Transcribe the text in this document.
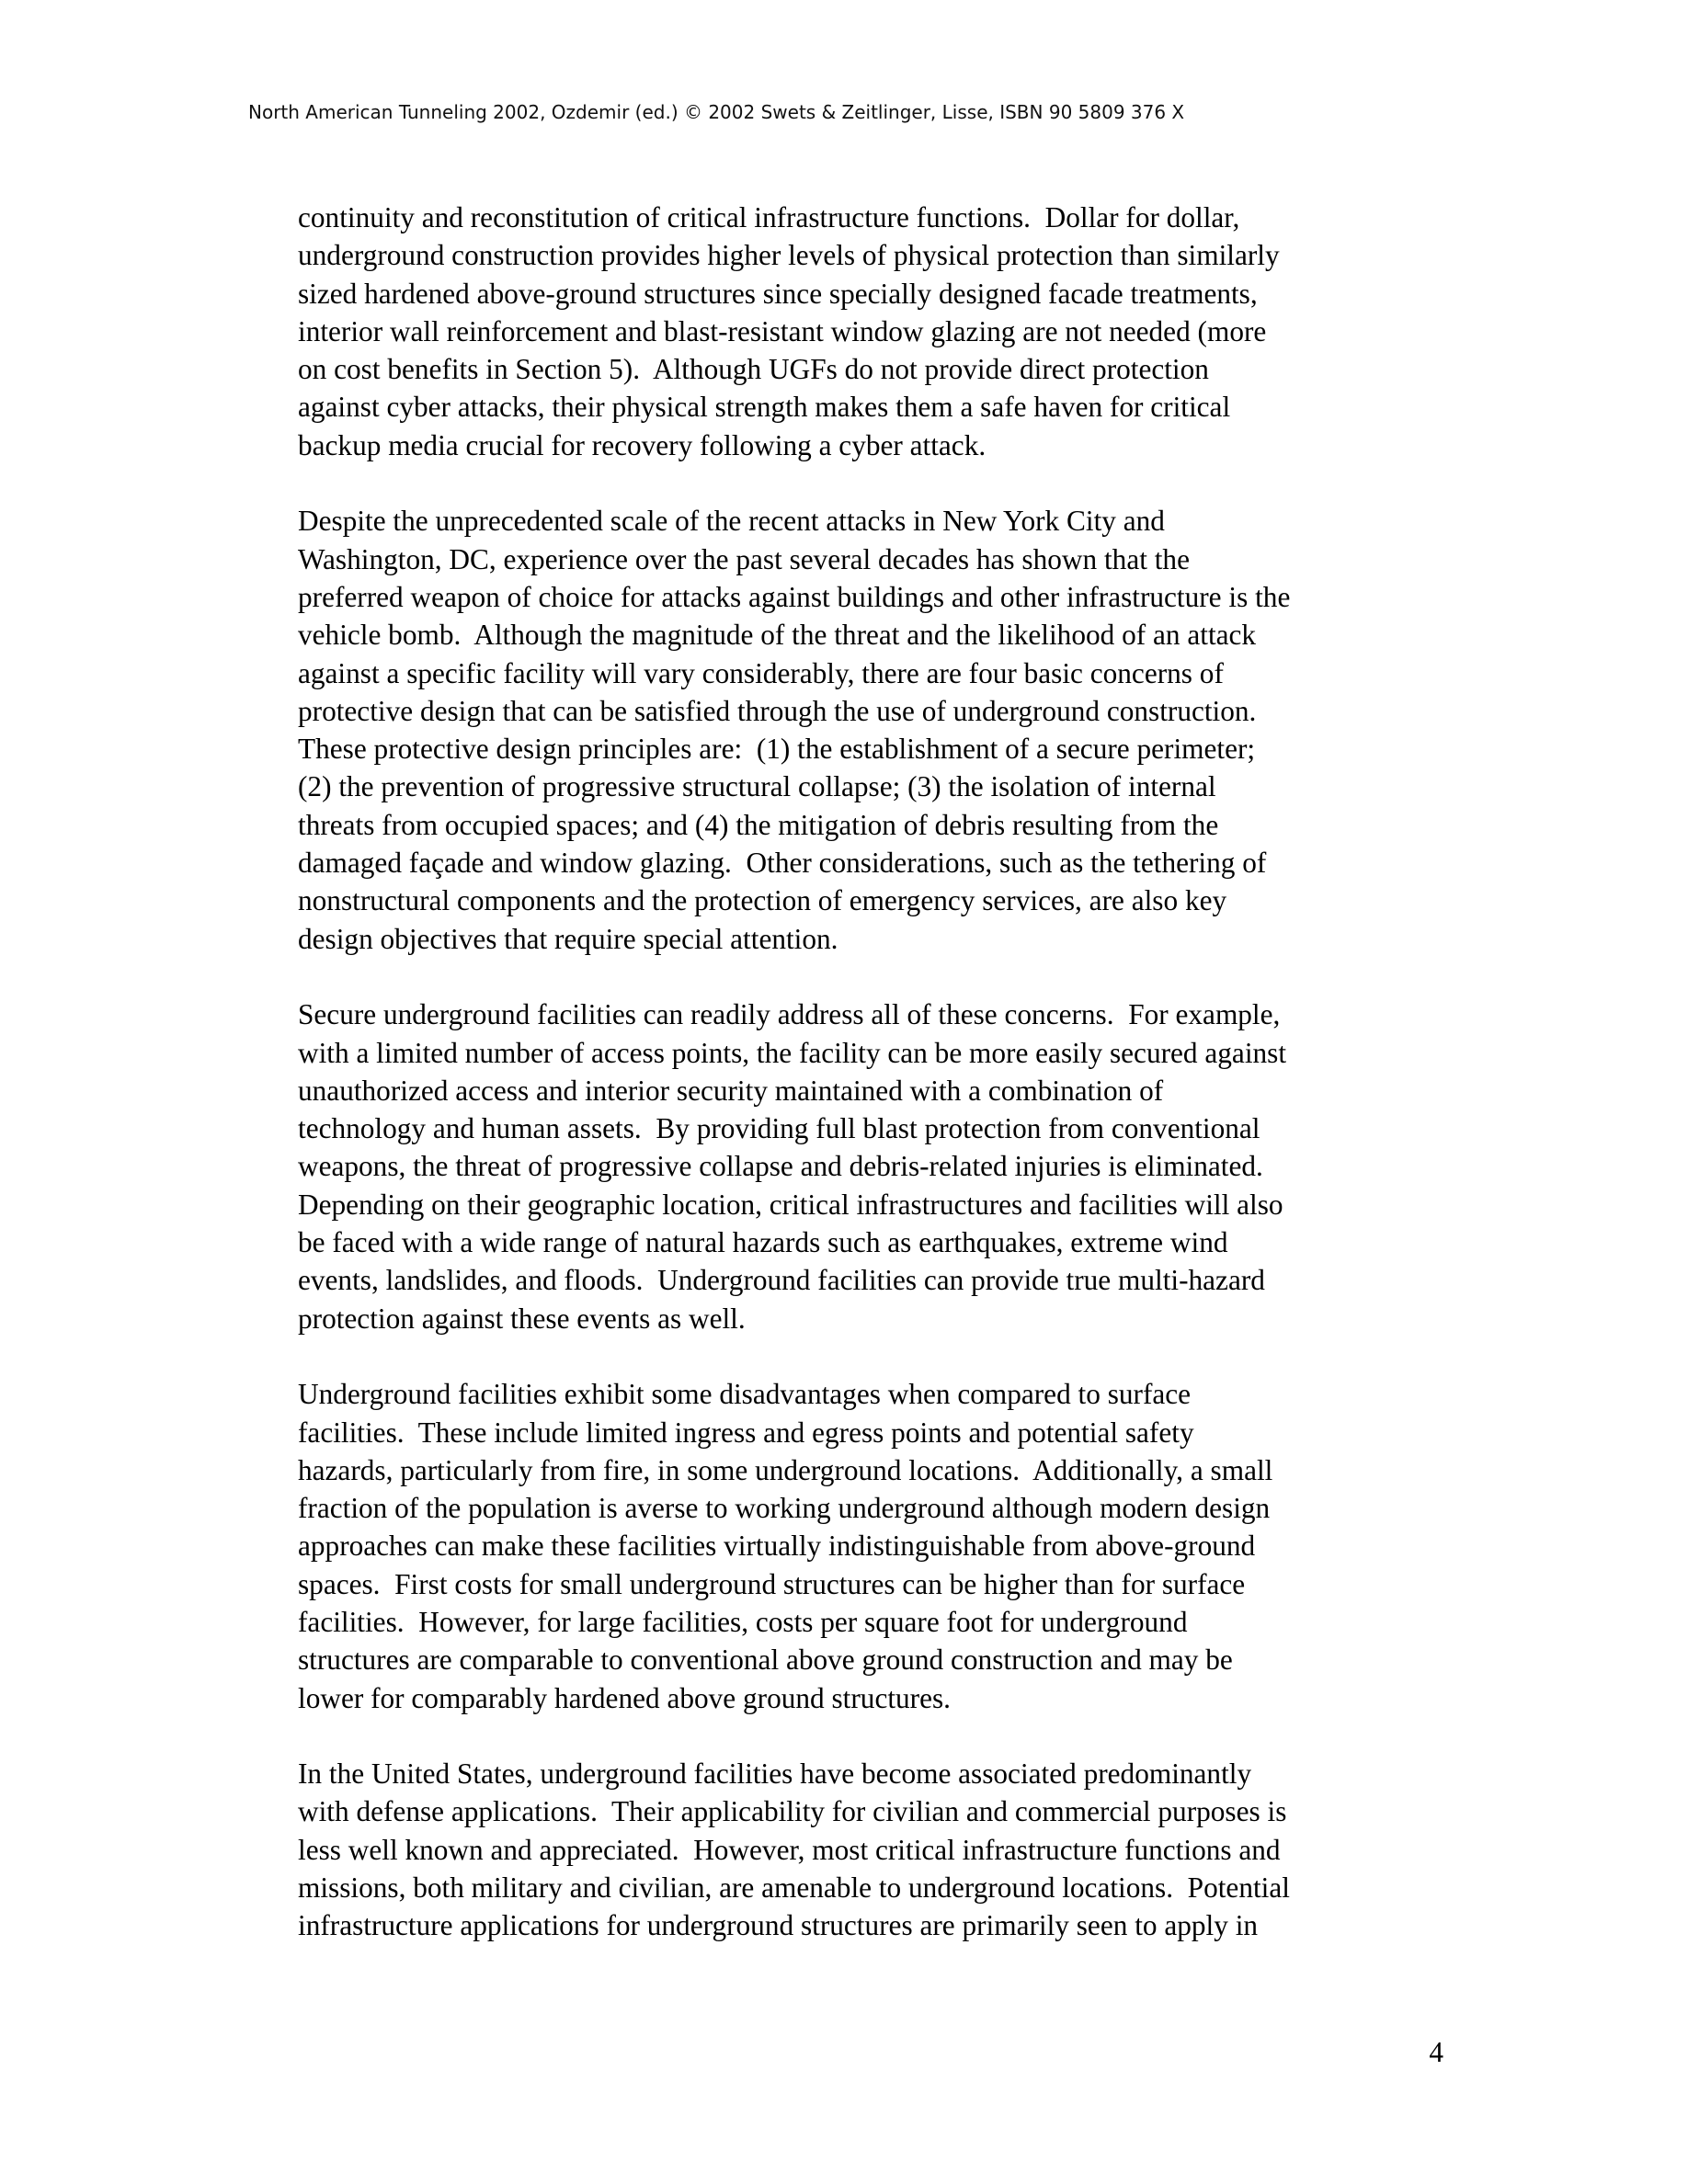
North American Tunneling 2002, Ozdemir (ed.) © 2002 Swets & Zeitlinger, Lisse, ISBN 90 5809 376 X

continuity and reconstitution of critical infrastructure functions.  Dollar for dollar,
underground construction provides higher levels of physical protection than similarly
sized hardened above-ground structures since specially designed facade treatments,
interior wall reinforcement and blast-resistant window glazing are not needed (more
on cost benefits in Section 5).  Although UGFs do not provide direct protection
against cyber attacks, their physical strength makes them a safe haven for critical
backup media crucial for recovery following a cyber attack.

Despite the unprecedented scale of the recent attacks in New York City and
Washington, DC, experience over the past several decades has shown that the
preferred weapon of choice for attacks against buildings and other infrastructure is the
vehicle bomb.  Although the magnitude of the threat and the likelihood of an attack
against a specific facility will vary considerably, there are four basic concerns of
protective design that can be satisfied through the use of underground construction.
These protective design principles are:  (1) the establishment of a secure perimeter;
(2) the prevention of progressive structural collapse; (3) the isolation of internal
threats from occupied spaces; and (4) the mitigation of debris resulting from the
damaged façade and window glazing.  Other considerations, such as the tethering of
nonstructural components and the protection of emergency services, are also key
design objectives that require special attention.

Secure underground facilities can readily address all of these concerns.  For example,
with a limited number of access points, the facility can be more easily secured against
unauthorized access and interior security maintained with a combination of
technology and human assets.  By providing full blast protection from conventional
weapons, the threat of progressive collapse and debris-related injuries is eliminated.
Depending on their geographic location, critical infrastructures and facilities will also
be faced with a wide range of natural hazards such as earthquakes, extreme wind
events, landslides, and floods.  Underground facilities can provide true multi-hazard
protection against these events as well.

Underground facilities exhibit some disadvantages when compared to surface
facilities.  These include limited ingress and egress points and potential safety
hazards, particularly from fire, in some underground locations.  Additionally, a small
fraction of the population is averse to working underground although modern design
approaches can make these facilities virtually indistinguishable from above-ground
spaces.  First costs for small underground structures can be higher than for surface
facilities.  However, for large facilities, costs per square foot for underground
structures are comparable to conventional above ground construction and may be
lower for comparably hardened above ground structures.

In the United States, underground facilities have become associated predominantly
with defense applications.  Their applicability for civilian and commercial purposes is
less well known and appreciated.  However, most critical infrastructure functions and
missions, both military and civilian, are amenable to underground locations.  Potential
infrastructure applications for underground structures are primarily seen to apply in

4
